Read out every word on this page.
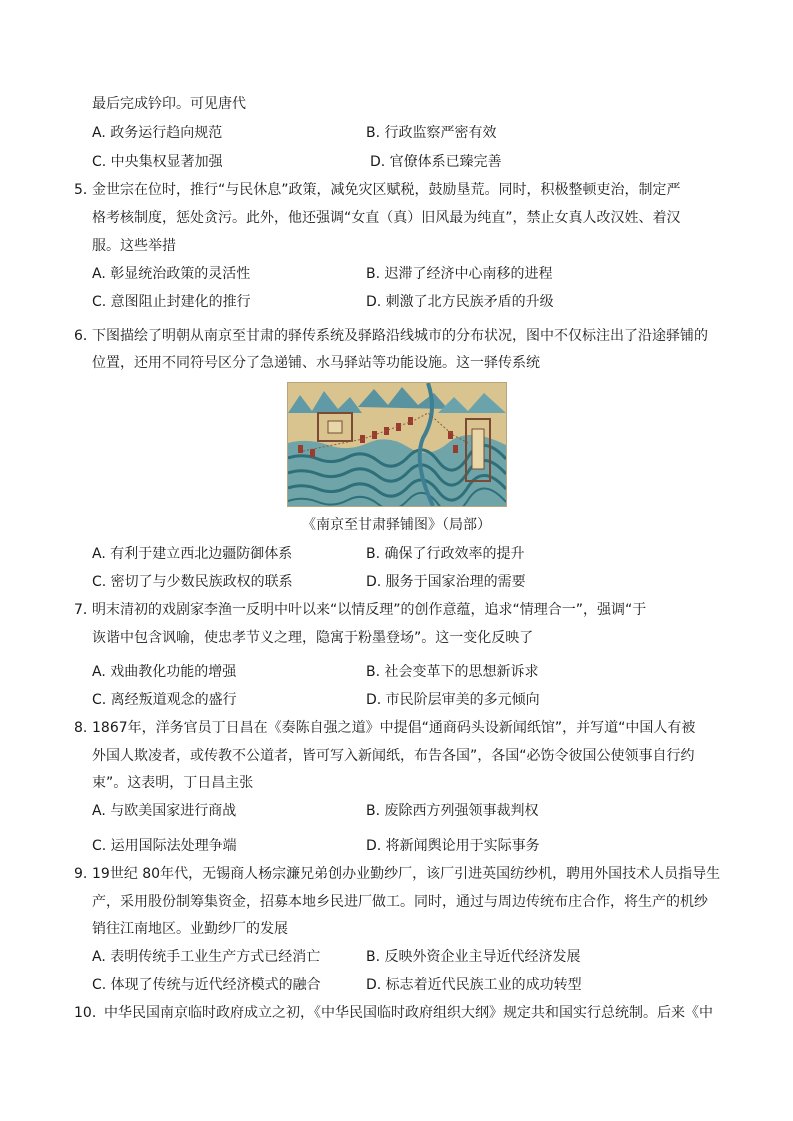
最后完成钤印。可见唐代
A. 政务运行趋向规范	B. 行政监察严密有效
C. 中央集权显著加强	D. 官僚体系已臻完善
5．
金世宗在位时，推行“与民休息”政策，减免灾区赋税，鼓励垦荒。同时，积极整顿吏治，制定严
格考核制度，惩处贪污。此外，他还强调“女直（真）旧风最为纯直”，禁止女真人改汉姓、着汉
服。这些举措
A. 彰显统治政策的灵活性	B. 迟滞了经济中心南移的进程
C. 意图阻止封建化的推行	D. 刺激了北方民族矛盾的升级
6．
下图描绘了明朝从南京至甘肃的驿传系统及驿路沿线城市的分布状况，图中不仅标注出了沿途驿铺的
位置，还用不同符号区分了急递铺、水马驿站等功能设施。这一驿传系统
《南京至甘肃驿铺图》（局部）
A. 有利于建立西北边疆防御体系	B. 确保了行政效率的提升
C. 密切了与少数民族政权的联系	D. 服务于国家治理的需要
7．
明末清初的戏剧家李渔一反明中叶以来“以情反理”的创作意蕴，追求“情理合一”，强调“于
诙谐中包含讽喻，使忠孝节义之理，隐寓于粉墨登场”。这一变化反映了
A. 戏曲教化功能的增强	B. 社会变革下的思想新诉求
C. 离经叛道观念的盛行	D. 市民阶层审美的多元倾向
8. 1867年，洋务官员丁日昌在《奏陈自强之道》中提倡“通商码头设新闻纸馆”，并写道“中国人有被
外国人欺凌者，或传教不公道者，皆可写入新闻纸，布告各国”，各国“必饬令彼国公使领事自行约
束”。这表明，丁日昌主张
A. 与欧美国家进行商战	B. 废除西方列强领事裁判权
C. 运用国际法处理争端	D. 将新闻舆论用于实际事务
9. 19世纪 80年代，无锡商人杨宗濂兄弟创办业勤纱厂，该厂引进英国纺纱机，聘用外国技术人员指导生
产，采用股份制筹集资金，招募本地乡民进厂做工。同时，通过与周边传统布庄合作，将生产的机纱
销往江南地区。业勤纱厂的发展
A. 表明传统手工业生产方式已经消亡	B. 反映外资企业主导近代经济发展
C. 体现了传统与近代经济模式的融合	D. 标志着近代民族工业的成功转型
10．
中华民国南京临时政府成立之初，《中华民国临时政府组织大纲》规定共和国实行总统制。后来《中
